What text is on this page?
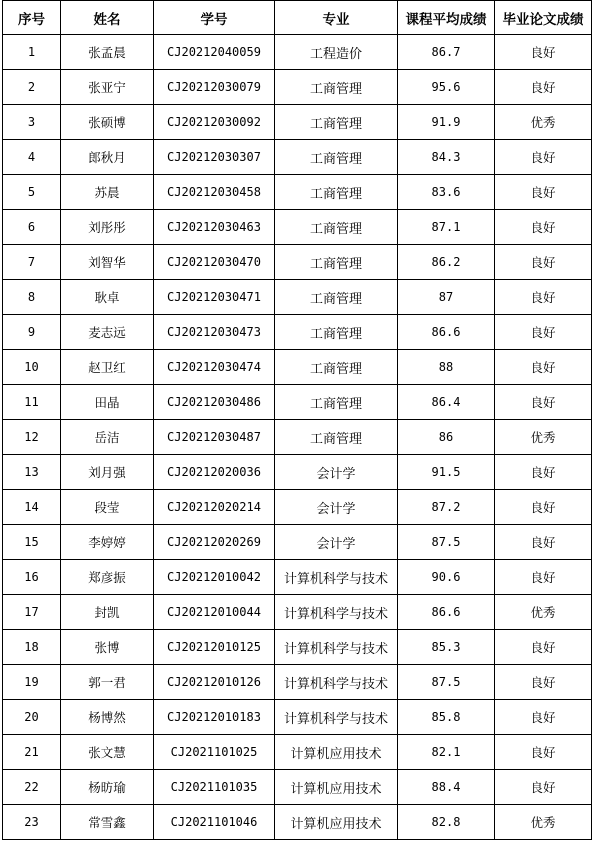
序号	姓名	学号	专业	课程平均成绩	毕业论文成绩
1	张孟晨	CJ20212040059	工程造价	86.7	良好
2	张亚宁	CJ20212030079	工商管理	95.6	良好
3	张硕博	CJ20212030092	工商管理	91.9	优秀
4	郎秋月	CJ20212030307	工商管理	84.3	良好
5	苏晨	CJ20212030458	工商管理	83.6	良好
6	刘彤彤	CJ20212030463	工商管理	87.1	良好
7	刘智华	CJ20212030470	工商管理	86.2	良好
8	耿卓	CJ20212030471	工商管理	87	良好
9	麦志远	CJ20212030473	工商管理	86.6	良好
10	赵卫红	CJ20212030474	工商管理	88	良好
11	田晶	CJ20212030486	工商管理	86.4	良好
12	岳洁	CJ20212030487	工商管理	86	优秀
13	刘月强	CJ20212020036	会计学	91.5	良好
14	段莹	CJ20212020214	会计学	87.2	良好
15	李婷婷	CJ20212020269	会计学	87.5	良好
16	郑彦振	CJ20212010042	计算机科学与技术	90.6	良好
17	封凯	CJ20212010044	计算机科学与技术	86.6	优秀
18	张博	CJ20212010125	计算机科学与技术	85.3	良好
19	郭一君	CJ20212010126	计算机科学与技术	87.5	良好
20	杨博然	CJ20212010183	计算机科学与技术	85.8	良好
21	张文慧	CJ2021101025	计算机应用技术	82.1	良好
22	杨昉瑜	CJ2021101035	计算机应用技术	88.4	良好
23	常雪鑫	CJ2021101046	计算机应用技术	82.8	优秀
